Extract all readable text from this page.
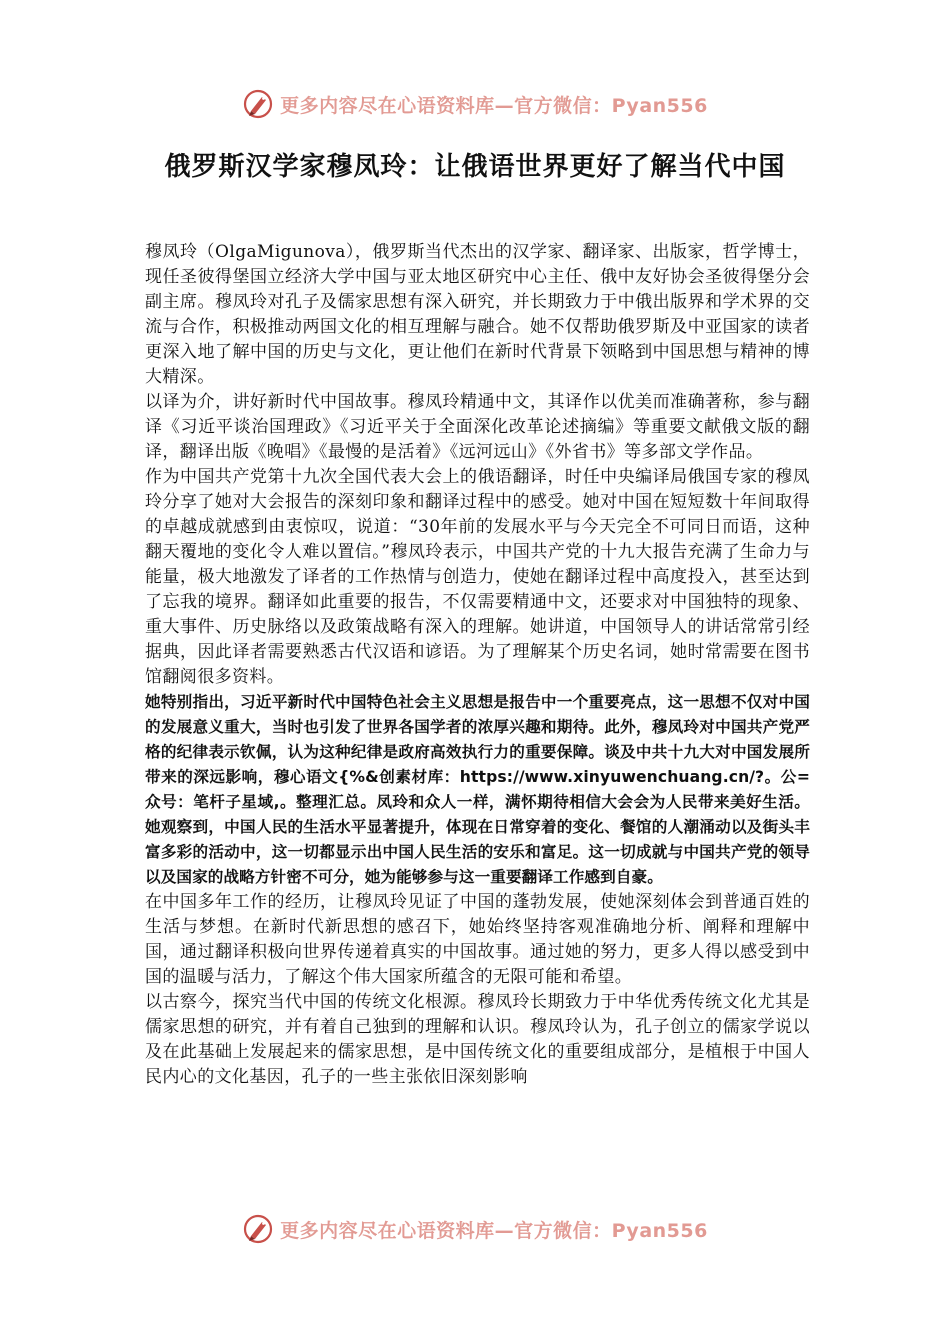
更多内容尽在心语资料库—官方微信：Pyan556
俄罗斯汉学家穆凤玲：让俄语世界更好了解当代中国

穆凤玲（OlgaMigunova），俄罗斯当代杰出的汉学家、翻译家、出版家，哲学博士，现任圣彼得堡国立经济大学中国与亚太地区研究中心主任、俄中友好协会圣彼得堡分会副主席。穆凤玲对孔子及儒家思想有深入研究，并长期致力于中俄出版界和学术界的交流与合作，积极推动两国文化的相互理解与融合。她不仅帮助俄罗斯及中亚国家的读者更深入地了解中国的历史与文化，更让他们在新时代背景下领略到中国思想与精神的博大精深。

以译为介，讲好新时代中国故事。穆凤玲精通中文，其译作以优美而准确著称，参与翻译《习近平谈治国理政》《习近平关于全面深化改革论述摘编》等重要文献俄文版的翻译，翻译出版《晚唱》《最慢的是活着》《远河远山》《外省书》等多部文学作品。

作为中国共产党第十九次全国代表大会上的俄语翻译，时任中央编译局俄国专家的穆凤玲分享了她对大会报告的深刻印象和翻译过程中的感受。她对中国在短短数十年间取得的卓越成就感到由衷惊叹，说道：“30年前的发展水平与今天完全不可同日而语，这种翻天覆地的变化令人难以置信。”穆凤玲表示，中国共产党的十九大报告充满了生命力与能量，极大地激发了译者的工作热情与创造力，使她在翻译过程中高度投入，甚至达到了忘我的境界。翻译如此重要的报告，不仅需要精通中文，还要求对中国独特的现象、重大事件、历史脉络以及政策战略有深入的理解。她讲道，中国领导人的讲话常常引经据典，因此译者需要熟悉古代汉语和谚语。为了理解某个历史名词，她时常需要在图书馆翻阅很多资料。

她特别指出，习近平新时代中国特色社会主义思想是报告中一个重要亮点，这一思想不仅对中国的发展意义重大，当时也引发了世界各国学者的浓厚兴趣和期待。此外，穆凤玲对中国共产党严格的纪律表示钦佩，认为这种纪律是政府高效执行力的重要保障。谈及中共十九大对中国发展所带来的深远影响，穆心语文{%&创素材库：https://www.xinyuwenchuang.cn/?。公=众号：笔杆子星域,。整理汇总。凤玲和众人一样，满怀期待相信大会会为人民带来美好生活。她观察到，中国人民的生活水平显著提升，体现在日常穿着的变化、餐馆的人潮涌动以及街头丰富多彩的活动中，这一切都显示出中国人民生活的安乐和富足。这一切成就与中国共产党的领导以及国家的战略方针密不可分，她为能够参与这一重要翻译工作感到自豪。

在中国多年工作的经历，让穆凤玲见证了中国的蓬勃发展，使她深刻体会到普通百姓的生活与梦想。在新时代新思想的感召下，她始终坚持客观准确地分析、阐释和理解中国，通过翻译积极向世界传递着真实的中国故事。通过她的努力，更多人得以感受到中国的温暖与活力，了解这个伟大国家所蕴含的无限可能和希望。

以古察今，探究当代中国的传统文化根源。穆凤玲长期致力于中华优秀传统文化尤其是儒家思想的研究，并有着自己独到的理解和认识。穆凤玲认为，孔子创立的儒家学说以及在此基础上发展起来的儒家思想，是中国传统文化的重要组成部分，是植根于中国人民内心的文化基因，孔子的一些主张依旧深刻影响

更多内容尽在心语资料库—官方微信：Pyan556
